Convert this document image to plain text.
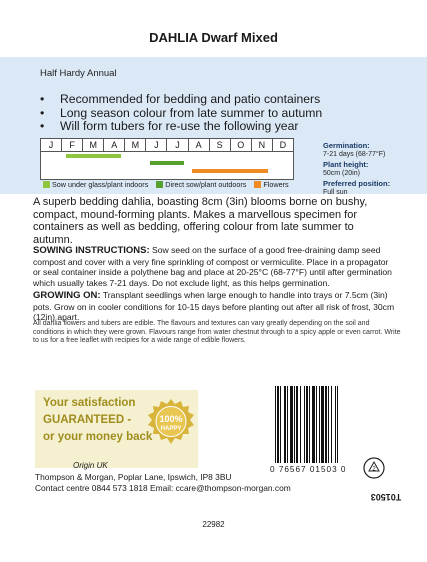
DAHLIA Dwarf Mixed
Half Hardy Annual
• Recommended for bedding and patio containers
• Long season colour from late summer to autumn
• Will form tubers for re-use the following year
J	F	M	A	M	J	J	A	S	O	N	D
Sow under glass/plant indoors Direct sow/plant outdoors Flowers
Germination:
7-21 days (68-77°F)
Plant height:
50cm (20in)
Preferred position:
Full sun
A superb bedding dahlia, boasting 8cm (3in) blooms borne on bushy, compact, mound-forming plants. Makes a marvellous specimen for containers as well as bedding, offering colour from late summer to autumn.
SOWING INSTRUCTIONS: Sow seed on the surface of a good free-draining damp seed compost and cover with a very fine sprinkling of compost or vermiculite. Place in a propagator or seal container inside a polythene bag and place at 20-25°C (68-77°F) until after germination which usually takes 7-21 days. Do not exclude light, as this helps germination.
GROWING ON: Transplant seedlings when large enough to handle into trays or 7.5cm (3in) pots. Grow on in cooler conditions for 10-15 days before planting out after all risk of frost, 30cm (12in) apart.
All dahlia flowers and tubers are edible. The flavours and textures can vary greatly depending on the soil and conditions in which they were grown. Flavours range from water chestnut through to a spicy apple or even carrot. Write to us for a free leaflet with recipies for a wide range of edible flowers.
Your satisfaction
GUARANTEED -
or your money back
100%
HAPPY
0 76567 01503 0
Origin UK
Thompson & Morgan, Poplar Lane, Ipswich, IP8 3BU
Contact centre 0844 573 1818 Email: ccare@thompson-morgan.com
2
T01503
22982
